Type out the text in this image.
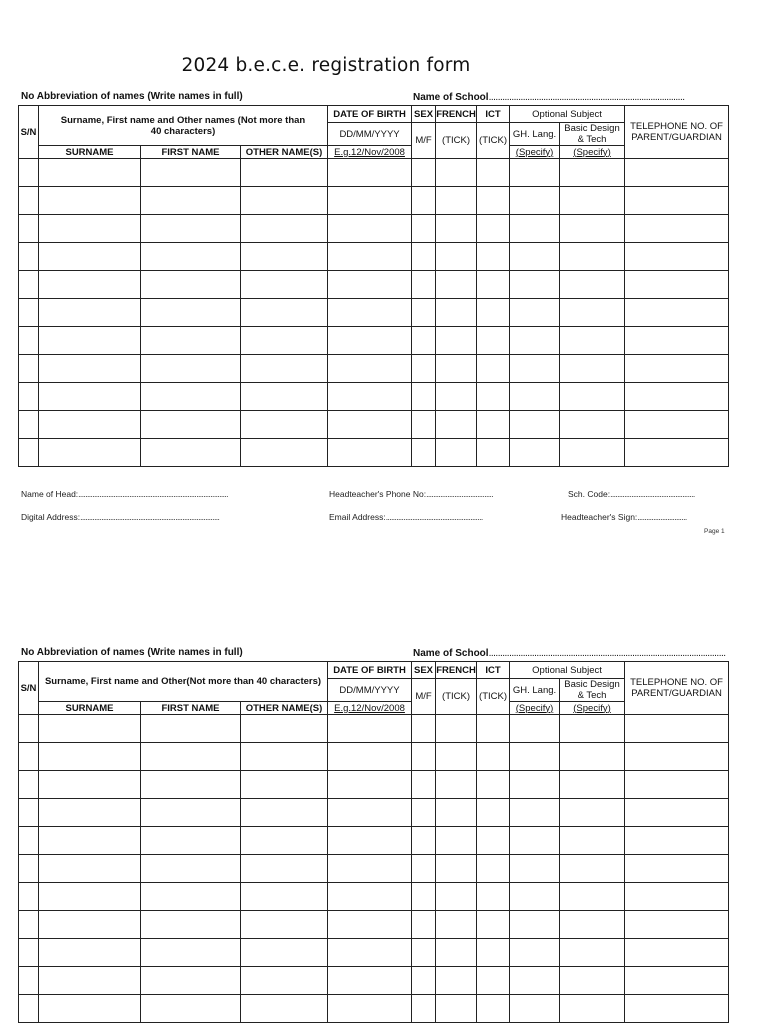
2024 b.e.c.e. registration form
No Abbreviation of names (Write names in full)	Name of School......................................................................................
S/N	Surname, First name and Other names (Not more than 40 characters)			DATE OF BIRTH	SEX	FRENCH	ICT	Optional Subject		TELEPHONE NO. OF PARENT/GUARDIAN
				DD/MM/YYYY	M/F	(TICK)	(TICK)	GH. Lang.	Basic Design & Tech	
	SURNAME	FIRST NAME	OTHER NAME(S)	E.g.12/Nov/2008				(Specify)	(Specify)	

Name of Head:.....................................................................................	Headteacher's Phone No:......................................	Sch. Code:................................................
Digital Address:...............................................................................	Email Address:.......................................................	Headteacher's Sign:............................
Page 1
No Abbreviation of names (Write names in full)	Name of School........................................................................................................
S/N	Surname, First name and Other(Not more than 40 characters)			DATE OF BIRTH	SEX	FRENCH	ICT	Optional Subject		TELEPHONE NO. OF PARENT/GUARDIAN
				DD/MM/YYYY	M/F	(TICK)	(TICK)	GH. Lang.	Basic Design & Tech	
	SURNAME	FIRST NAME	OTHER NAME(S)	E.g.12/Nov/2008				(Specify)	(Specify)	
